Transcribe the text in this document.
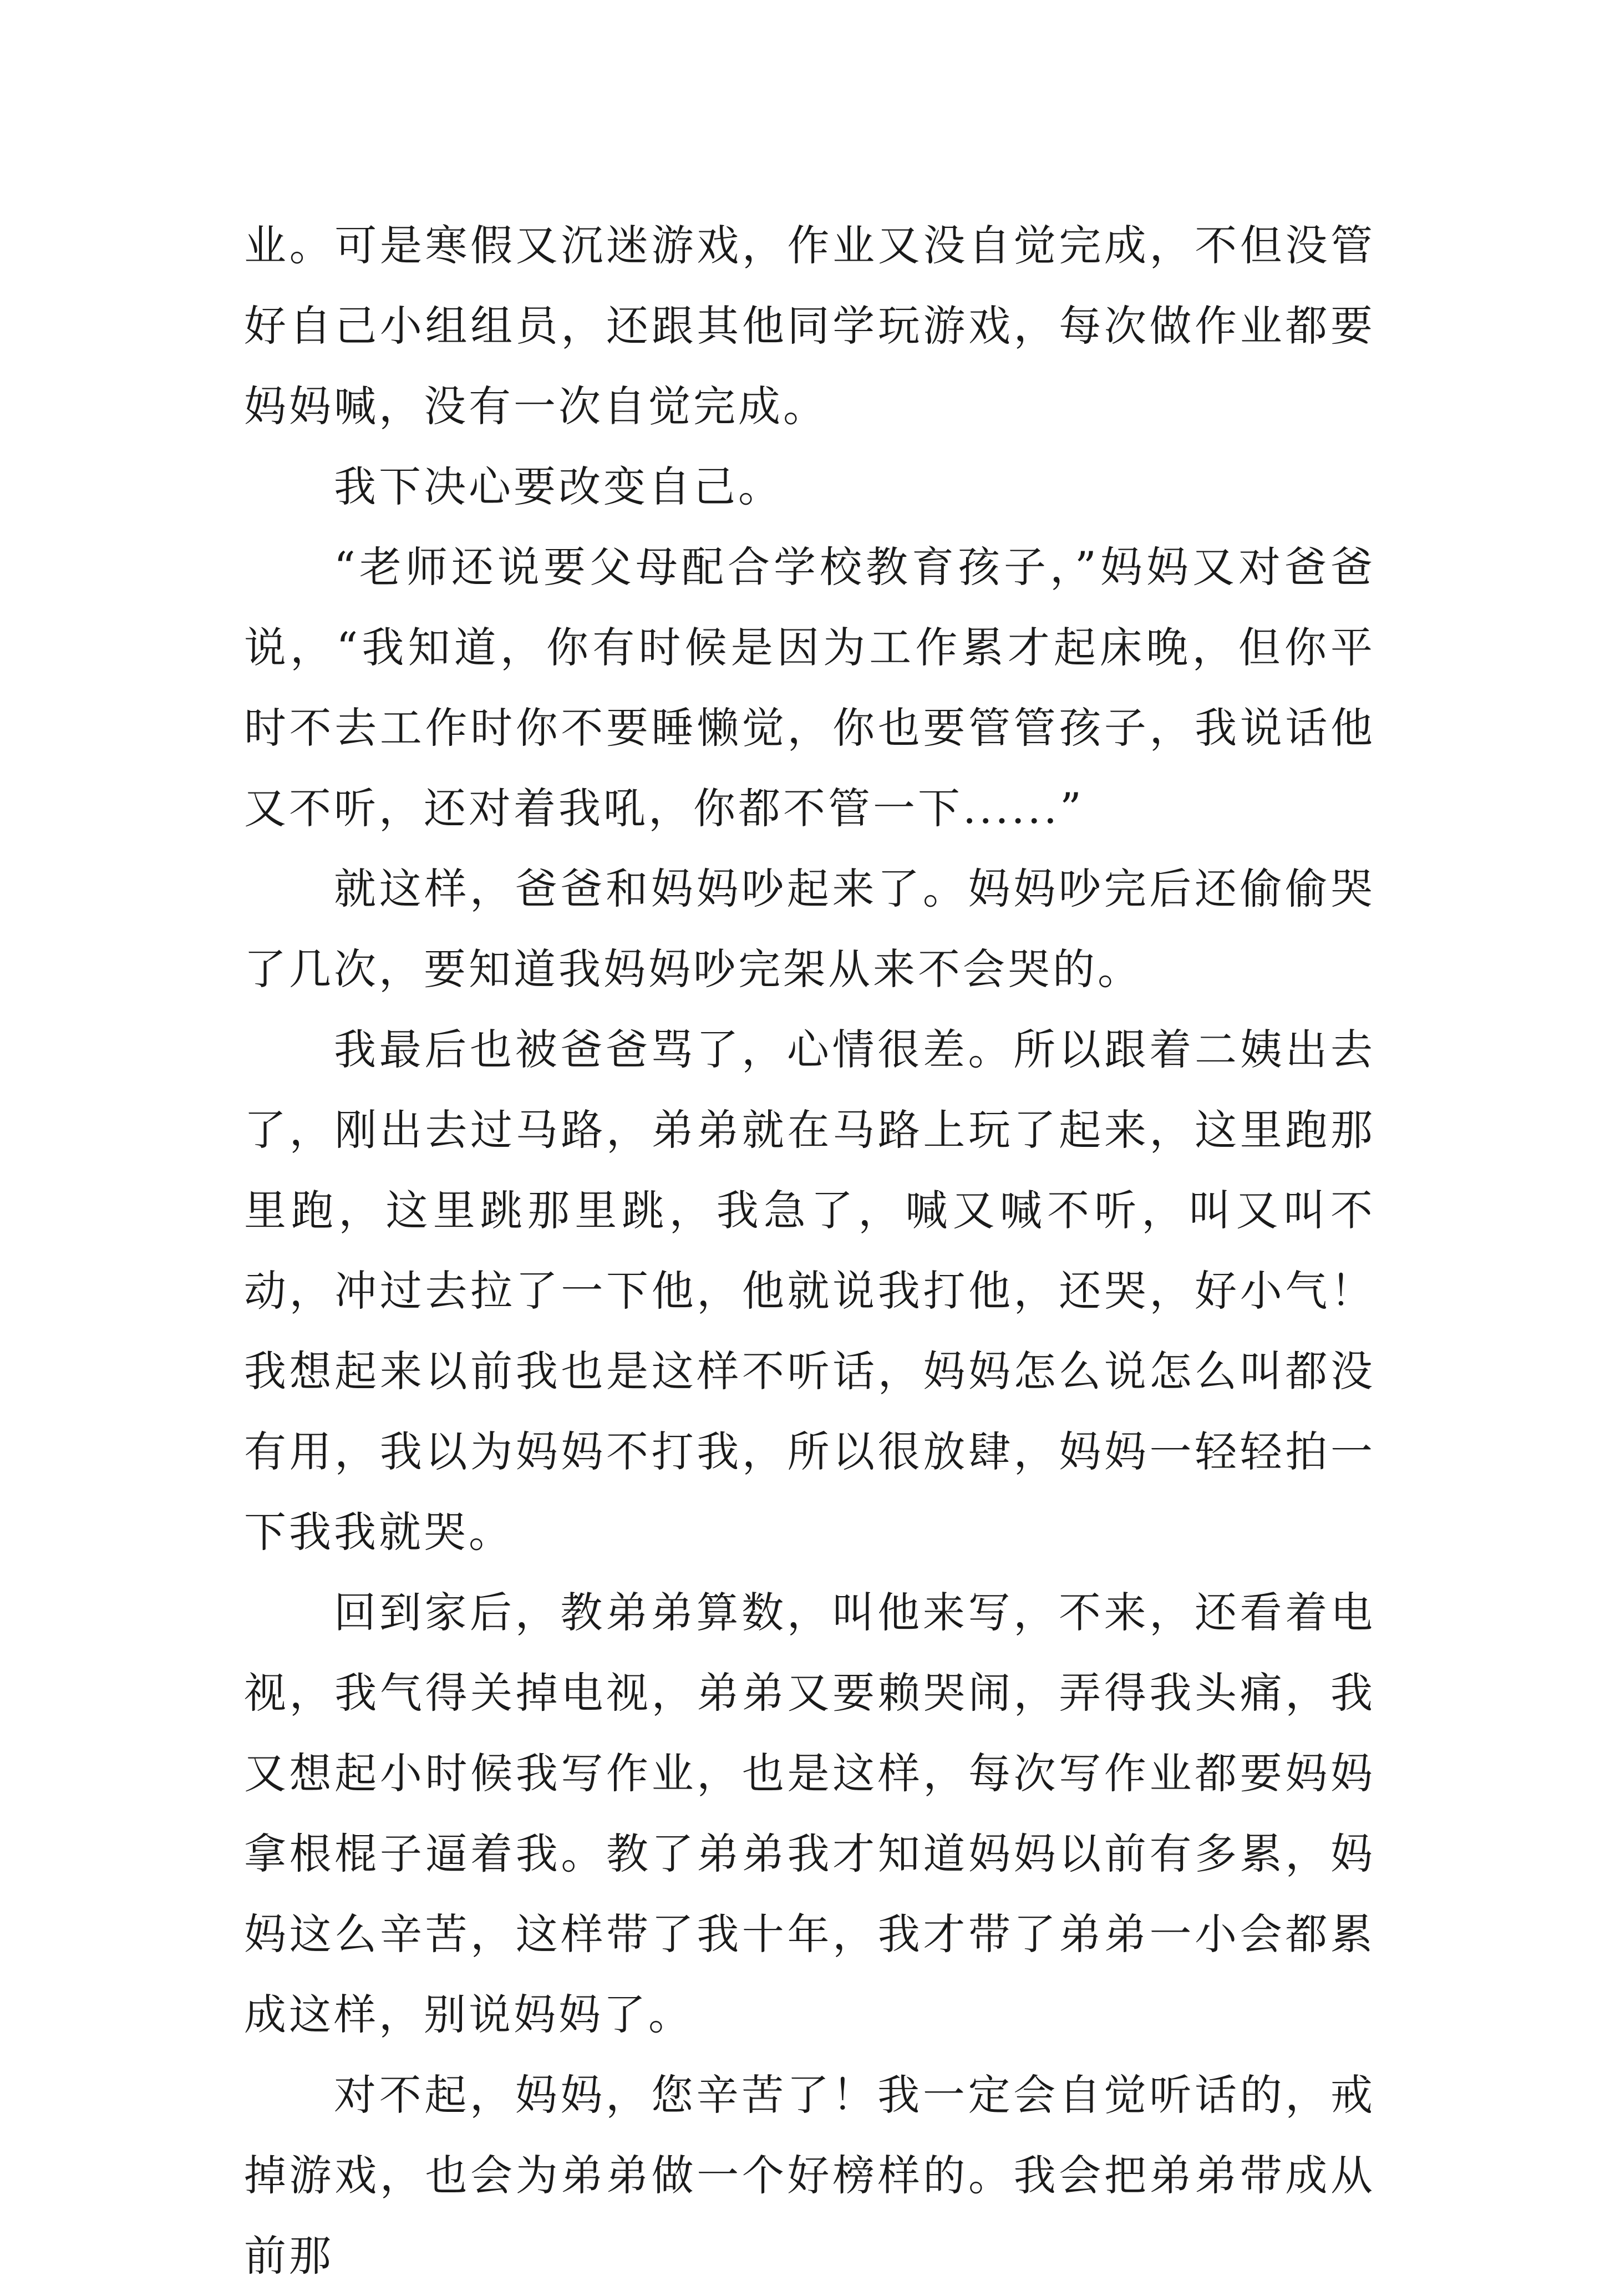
业。可是寒假又沉迷游戏，作业又没自觉完成，不但没管好自己小组组员，还跟其他同学玩游戏，每次做作业都要妈妈喊，没有一次自觉完成。

我下决心要改变自己。

“老师还说要父母配合学校教育孩子，”妈妈又对爸爸说，“我知道，你有时候是因为工作累才起床晚，但你平时不去工作时你不要睡懒觉，你也要管管孩子，我说话他又不听，还对着我吼，你都不管一下......”

就这样，爸爸和妈妈吵起来了。妈妈吵完后还偷偷哭了几次，要知道我妈妈吵完架从来不会哭的。

我最后也被爸爸骂了，心情很差。所以跟着二姨出去了，刚出去过马路，弟弟就在马路上玩了起来，这里跑那里跑，这里跳那里跳，我急了，喊又喊不听，叫又叫不动，冲过去拉了一下他，他就说我打他，还哭，好小气！我想起来以前我也是这样不听话，妈妈怎么说怎么叫都没有用，我以为妈妈不打我，所以很放肆，妈妈一轻轻拍一下我我就哭。

回到家后，教弟弟算数，叫他来写，不来，还看着电视，我气得关掉电视，弟弟又要赖哭闹，弄得我头痛，我又想起小时候我写作业，也是这样，每次写作业都要妈妈拿根棍子逼着我。教了弟弟我才知道妈妈以前有多累，妈妈这么辛苦，这样带了我十年，我才带了弟弟一小会都累成这样，别说妈妈了。

对不起，妈妈，您辛苦了！我一定会自觉听话的，戒掉游戏，也会为弟弟做一个好榜样的。我会把弟弟带成从前那
